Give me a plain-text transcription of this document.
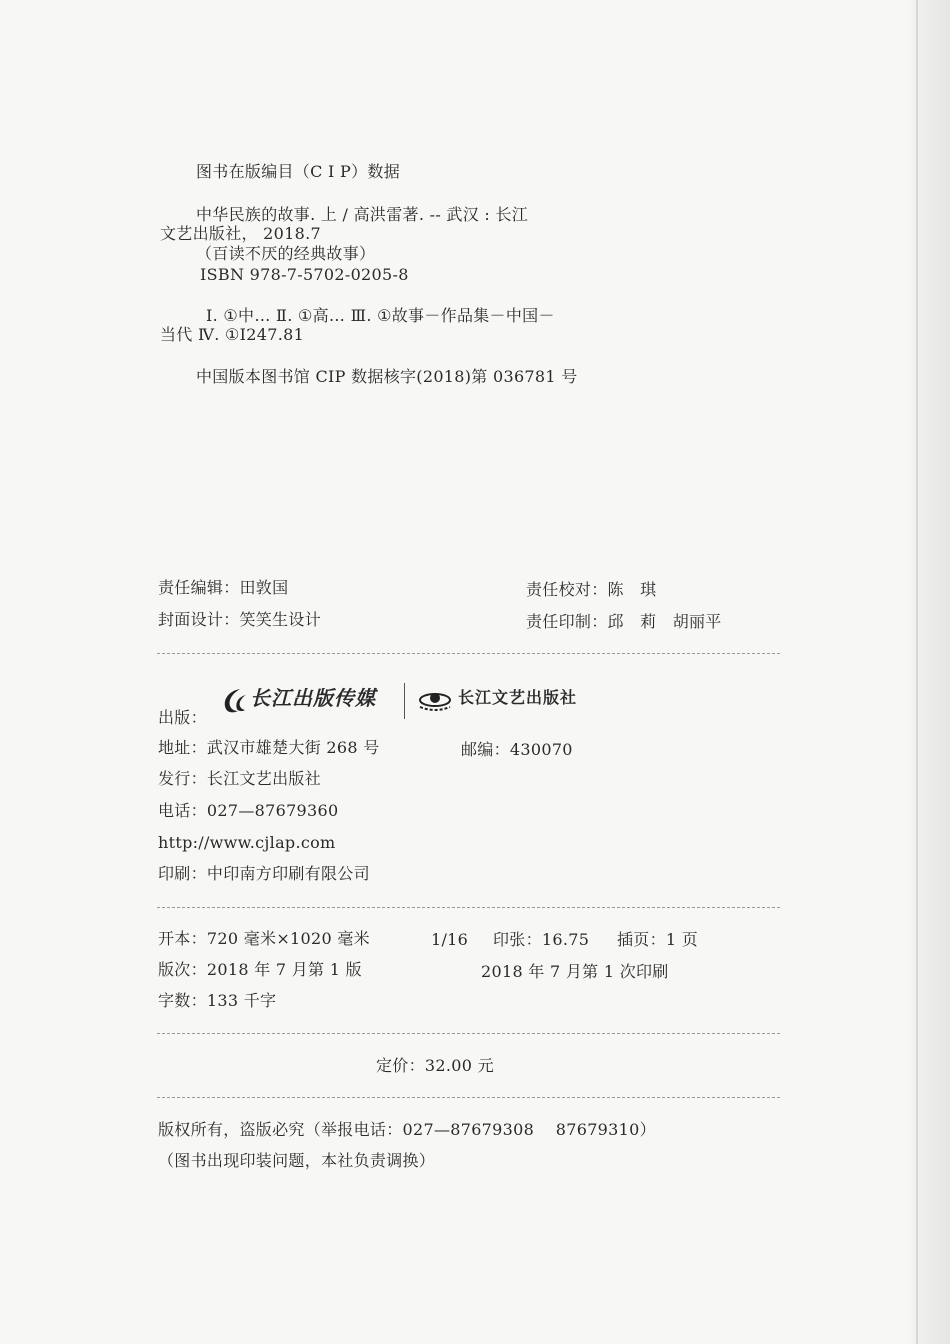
图书在版编目（C I P）数据
中华民族的故事. 上 / 高洪雷著. -- 武汉 : 长江
文艺出版社， 2018.7
（百读不厌的经典故事）
ISBN 978-7-5702-0205-8
Ⅰ. ①中… Ⅱ. ①高… Ⅲ. ①故事－作品集－中国－
当代 Ⅳ. ①I247.81
中国版本图书馆 CIP 数据核字(2018)第 036781 号
责任编辑：田敦国	责任校对：陈　琪
封面设计：笑笑生设计	责任印制：邱　莉　胡丽平
长江出版传媒	长江文艺出版社
出版：
地址：武汉市雄楚大街 268 号	邮编：430070
发行：长江文艺出版社
电话：027—87679360
http://www.cjlap.com
印刷：中印南方印刷有限公司
开本：720 毫米×1020 毫米	1/16 印张：16.75 插页：1 页
版次：2018 年 7 月第 1 版	2018 年 7 月第 1 次印刷
字数：133 千字
定价：32.00 元
版权所有，盗版必究（举报电话：027—87679308　 87679310）
（图书出现印装问题，本社负责调换）
